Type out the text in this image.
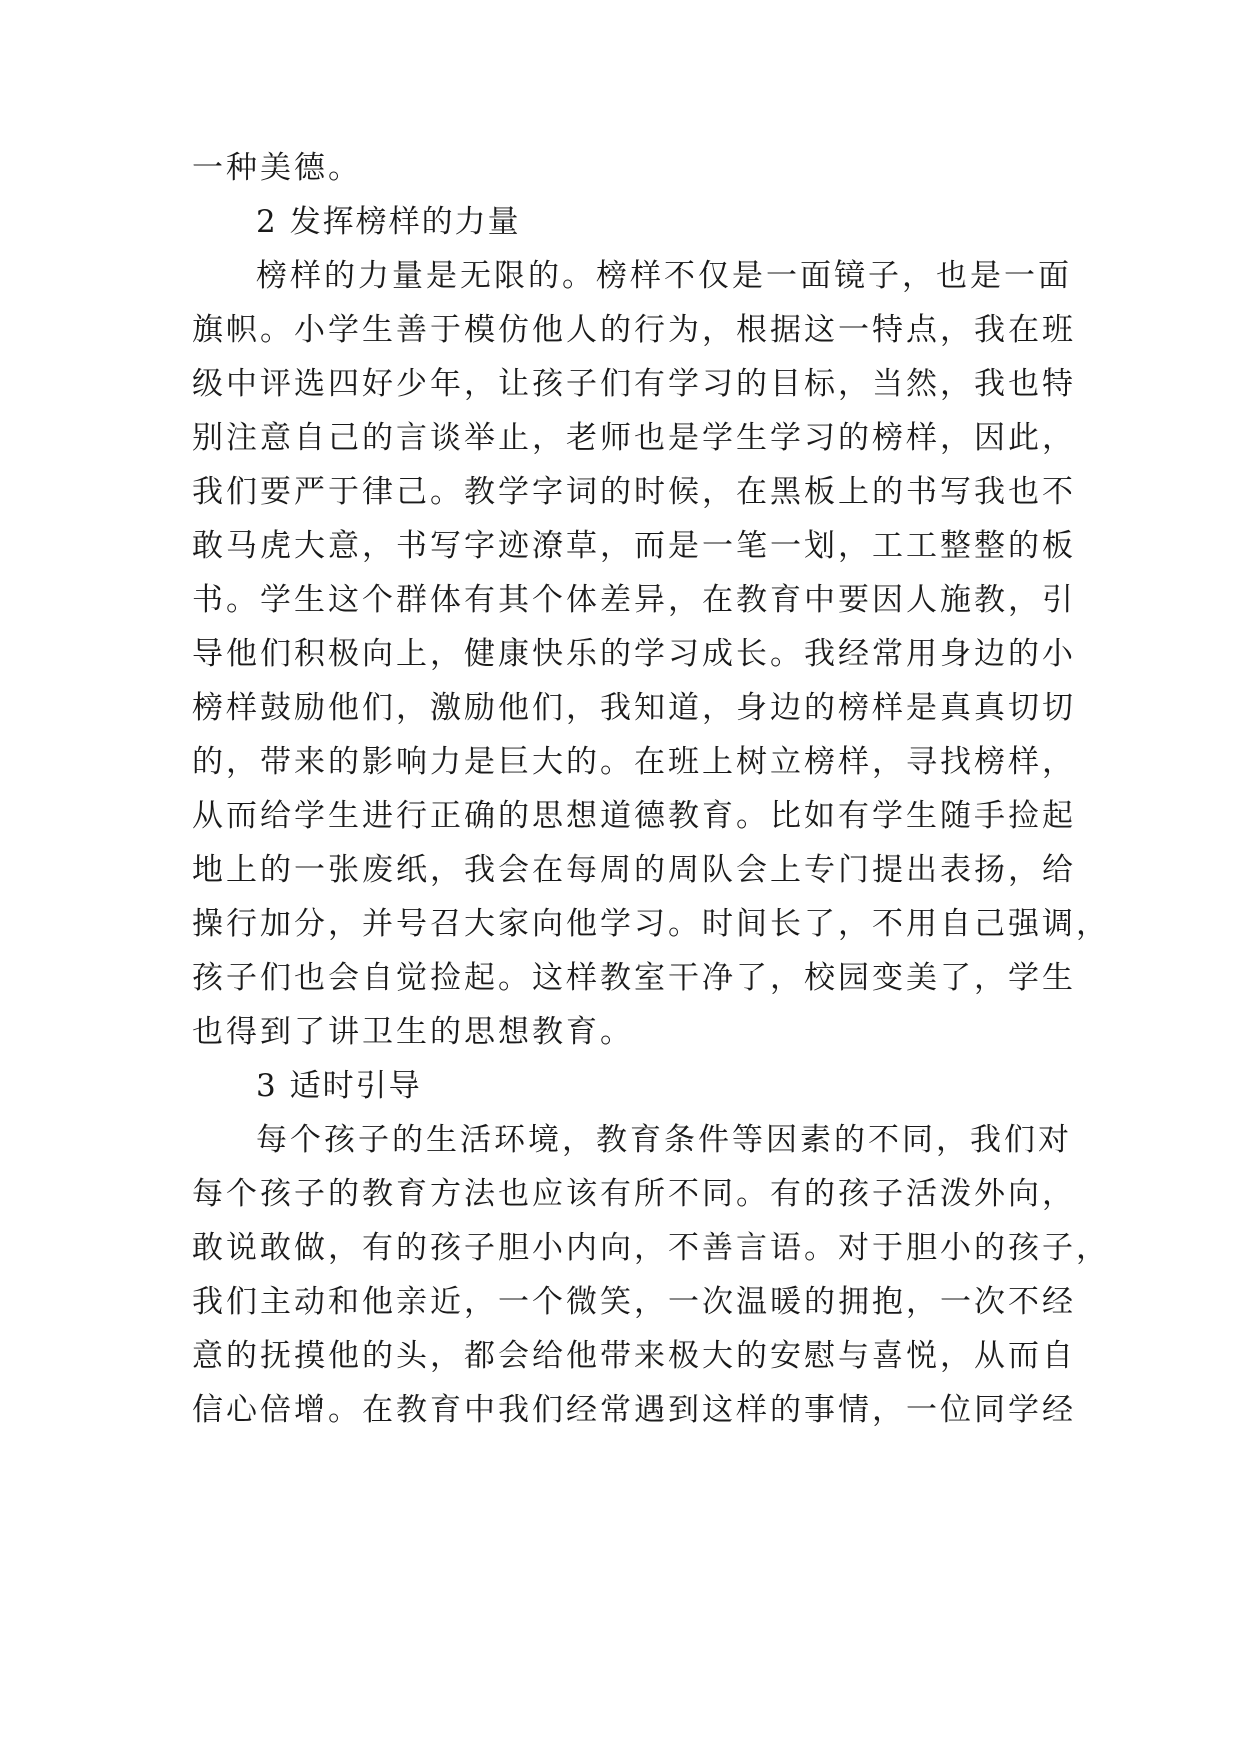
一种美德。
2 发挥榜样的力量
榜样的力量是无限的。榜样不仅是一面镜子，也是一面
旗帜。小学生善于模仿他人的行为，根据这一特点，我在班
级中评选四好少年，让孩子们有学习的目标，当然，我也特
别注意自己的言谈举止，老师也是学生学习的榜样，因此，
我们要严于律己。教学字词的时候，在黑板上的书写我也不
敢马虎大意，书写字迹潦草，而是一笔一划，工工整整的板
书。学生这个群体有其个体差异，在教育中要因人施教，引
导他们积极向上，健康快乐的学习成长。我经常用身边的小
榜样鼓励他们，激励他们，我知道，身边的榜样是真真切切
的，带来的影响力是巨大的。在班上树立榜样，寻找榜样，
从而给学生进行正确的思想道德教育。比如有学生随手捡起
地上的一张废纸，我会在每周的周队会上专门提出表扬，给
操行加分，并号召大家向他学习。时间长了，不用自己强调，
孩子们也会自觉捡起。这样教室干净了，校园变美了，学生
也得到了讲卫生的思想教育。
3 适时引导
每个孩子的生活环境，教育条件等因素的不同，我们对
每个孩子的教育方法也应该有所不同。有的孩子活泼外向，
敢说敢做，有的孩子胆小内向，不善言语。对于胆小的孩子，
我们主动和他亲近，一个微笑，一次温暖的拥抱，一次不经
意的抚摸他的头，都会给他带来极大的安慰与喜悦，从而自
信心倍增。在教育中我们经常遇到这样的事情，一位同学经
